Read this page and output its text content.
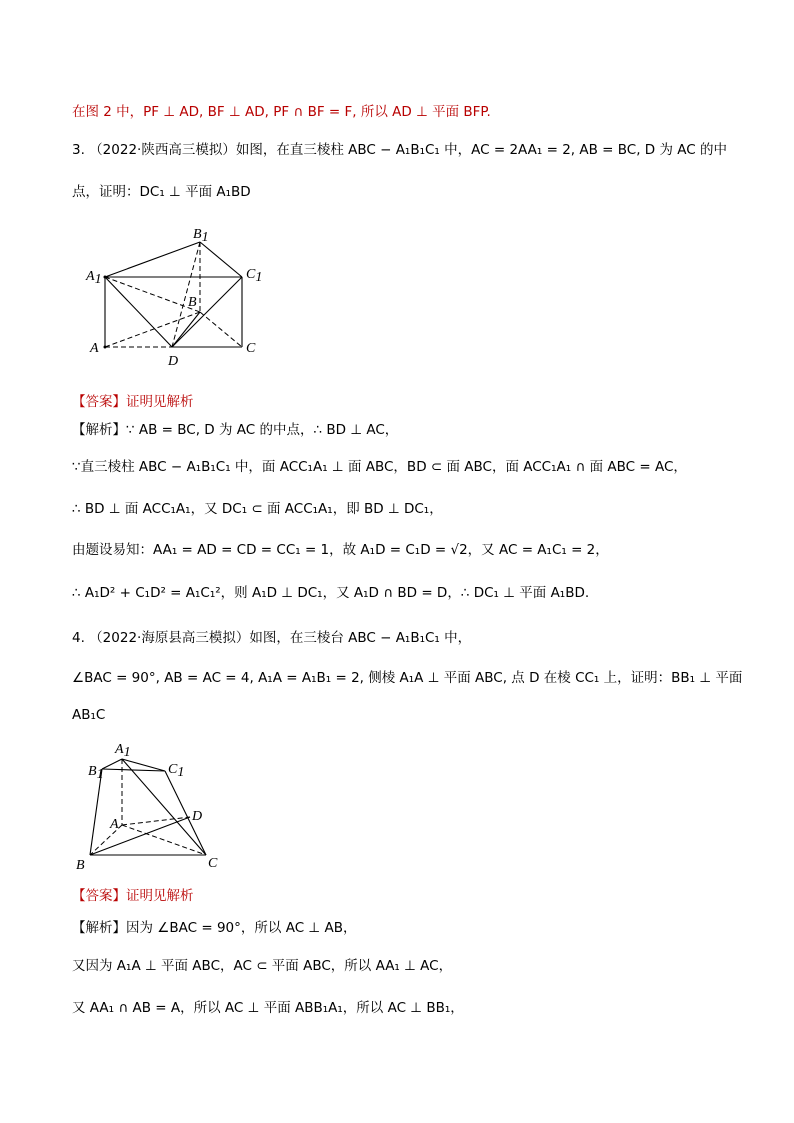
在图 2 中，PF ⊥ AD, BF ⊥ AD, PF ∩ BF = F, 所以 AD ⊥ 平面 BFP.
3. （2022·陕西高三模拟）如图，在直三棱柱 ABC − A₁B₁C₁ 中，AC = 2AA₁ = 2, AB = BC, D 为 AC 的中
点，证明：DC₁ ⊥ 平面 A₁BD
A1
B1
C1
B
A
D
C
【答案】证明见解析
【解析】∵ AB = BC, D 为 AC 的中点，∴ BD ⊥ AC，
∵直三棱柱 ABC − A₁B₁C₁ 中，面 ACC₁A₁ ⊥ 面 ABC，BD ⊂ 面 ABC，面 ACC₁A₁ ∩ 面 ABC = AC，
∴ BD ⊥ 面 ACC₁A₁，又 DC₁ ⊂ 面 ACC₁A₁，即 BD ⊥ DC₁，
由题设易知：AA₁ = AD = CD = CC₁ = 1，故 A₁D = C₁D = √2，又 AC = A₁C₁ = 2，
∴ A₁D² + C₁D² = A₁C₁²，则 A₁D ⊥ DC₁，又 A₁D ∩ BD = D，∴ DC₁ ⊥ 平面 A₁BD.
4. （2022·海原县高三模拟）如图，在三棱台 ABC − A₁B₁C₁ 中，
∠BAC = 90°, AB = AC = 4, A₁A = A₁B₁ = 2, 侧棱 A₁A ⊥ 平面 ABC, 点 D 在棱 CC₁ 上，证明：BB₁ ⊥ 平面
AB₁C
A1
B1	C1
A
D
B	C
【答案】证明见解析
【解析】因为 ∠BAC = 90°，所以 AC ⊥ AB，
又因为 A₁A ⊥ 平面 ABC，AC ⊂ 平面 ABC，所以 AA₁ ⊥ AC，
又 AA₁ ∩ AB = A，所以 AC ⊥ 平面 ABB₁A₁，所以 AC ⊥ BB₁，
